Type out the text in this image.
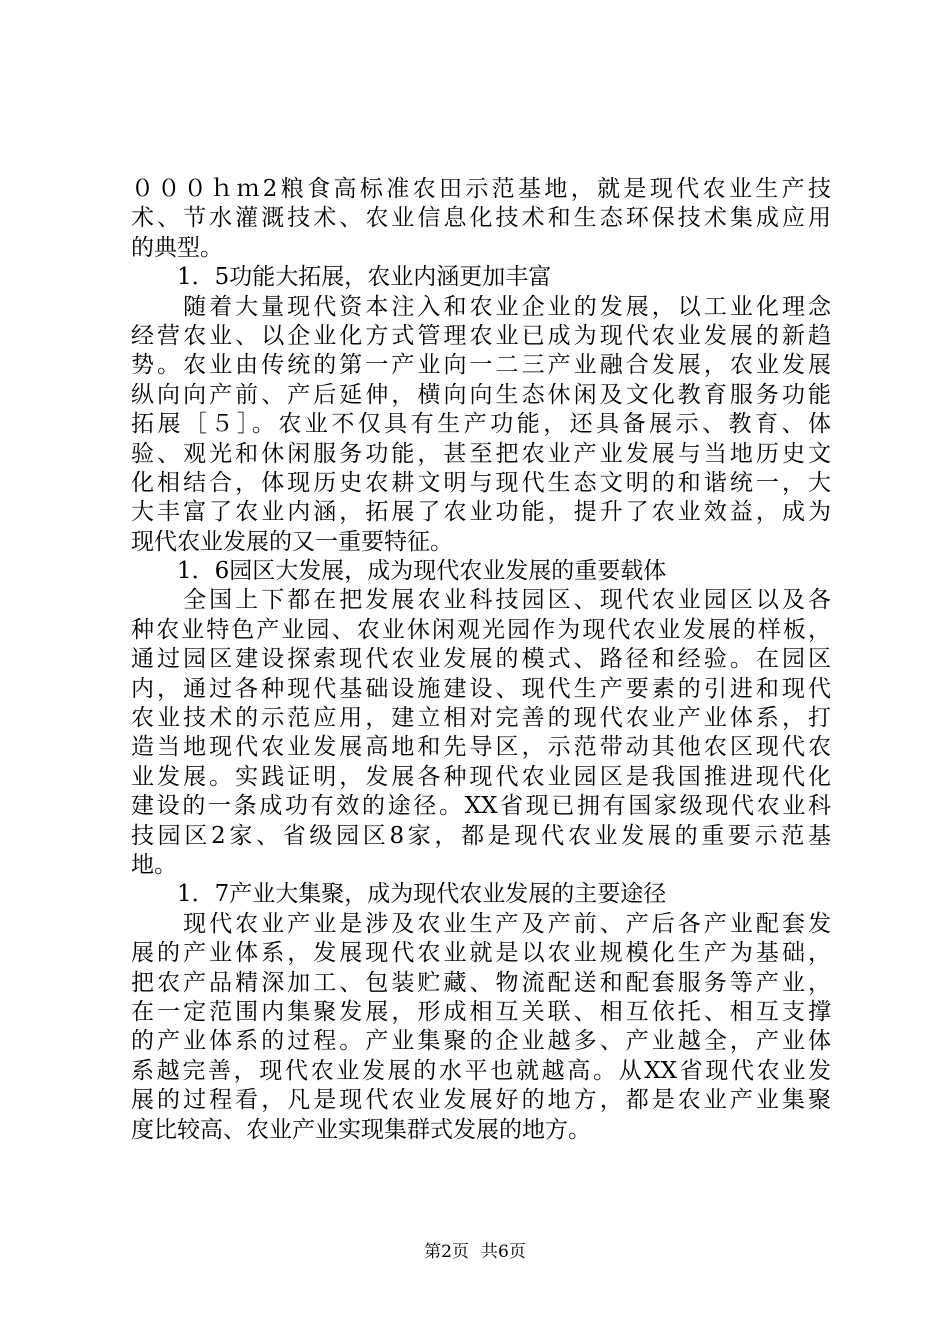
０００ｈｍ2粮食高标准农田示范基地，就是现代农业生产技
术、节水灌溉技术、农业信息化技术和生态环保技术集成应用
的典型。
　　1．5功能大拓展，农业内涵更加丰富
　　随着大量现代资本注入和农业企业的发展，以工业化理念
经营农业、以企业化方式管理农业已成为现代农业发展的新趋
势。农业由传统的第一产业向一二三产业融合发展，农业发展
纵向向产前、产后延伸，横向向生态休闲及文化教育服务功能
拓展［５］。农业不仅具有生产功能，还具备展示、教育、体
验、观光和休闲服务功能，甚至把农业产业发展与当地历史文
化相结合，体现历史农耕文明与现代生态文明的和谐统一，大
大丰富了农业内涵，拓展了农业功能，提升了农业效益，成为
现代农业发展的又一重要特征。
　　1．6园区大发展，成为现代农业发展的重要载体
　　全国上下都在把发展农业科技园区、现代农业园区以及各
种农业特色产业园、农业休闲观光园作为现代农业发展的样板，
通过园区建设探索现代农业发展的模式、路径和经验。在园区
内，通过各种现代基础设施建设、现代生产要素的引进和现代
农业技术的示范应用，建立相对完善的现代农业产业体系，打
造当地现代农业发展高地和先导区，示范带动其他农区现代农
业发展。实践证明，发展各种现代农业园区是我国推进现代化
建设的一条成功有效的途径。XX省现已拥有国家级现代农业科
技园区2家、省级园区8家，都是现代农业发展的重要示范基
地。
　　1．7产业大集聚，成为现代农业发展的主要途径
　　现代农业产业是涉及农业生产及产前、产后各产业配套发
展的产业体系，发展现代农业就是以农业规模化生产为基础，
把农产品精深加工、包装贮藏、物流配送和配套服务等产业，
在一定范围内集聚发展，形成相互关联、相互依托、相互支撑
的产业体系的过程。产业集聚的企业越多、产业越全，产业体
系越完善，现代农业发展的水平也就越高。从XX省现代农业发
展的过程看，凡是现代农业发展好的地方，都是农业产业集聚
度比较高、农业产业实现集群式发展的地方。
第2页 共6页
